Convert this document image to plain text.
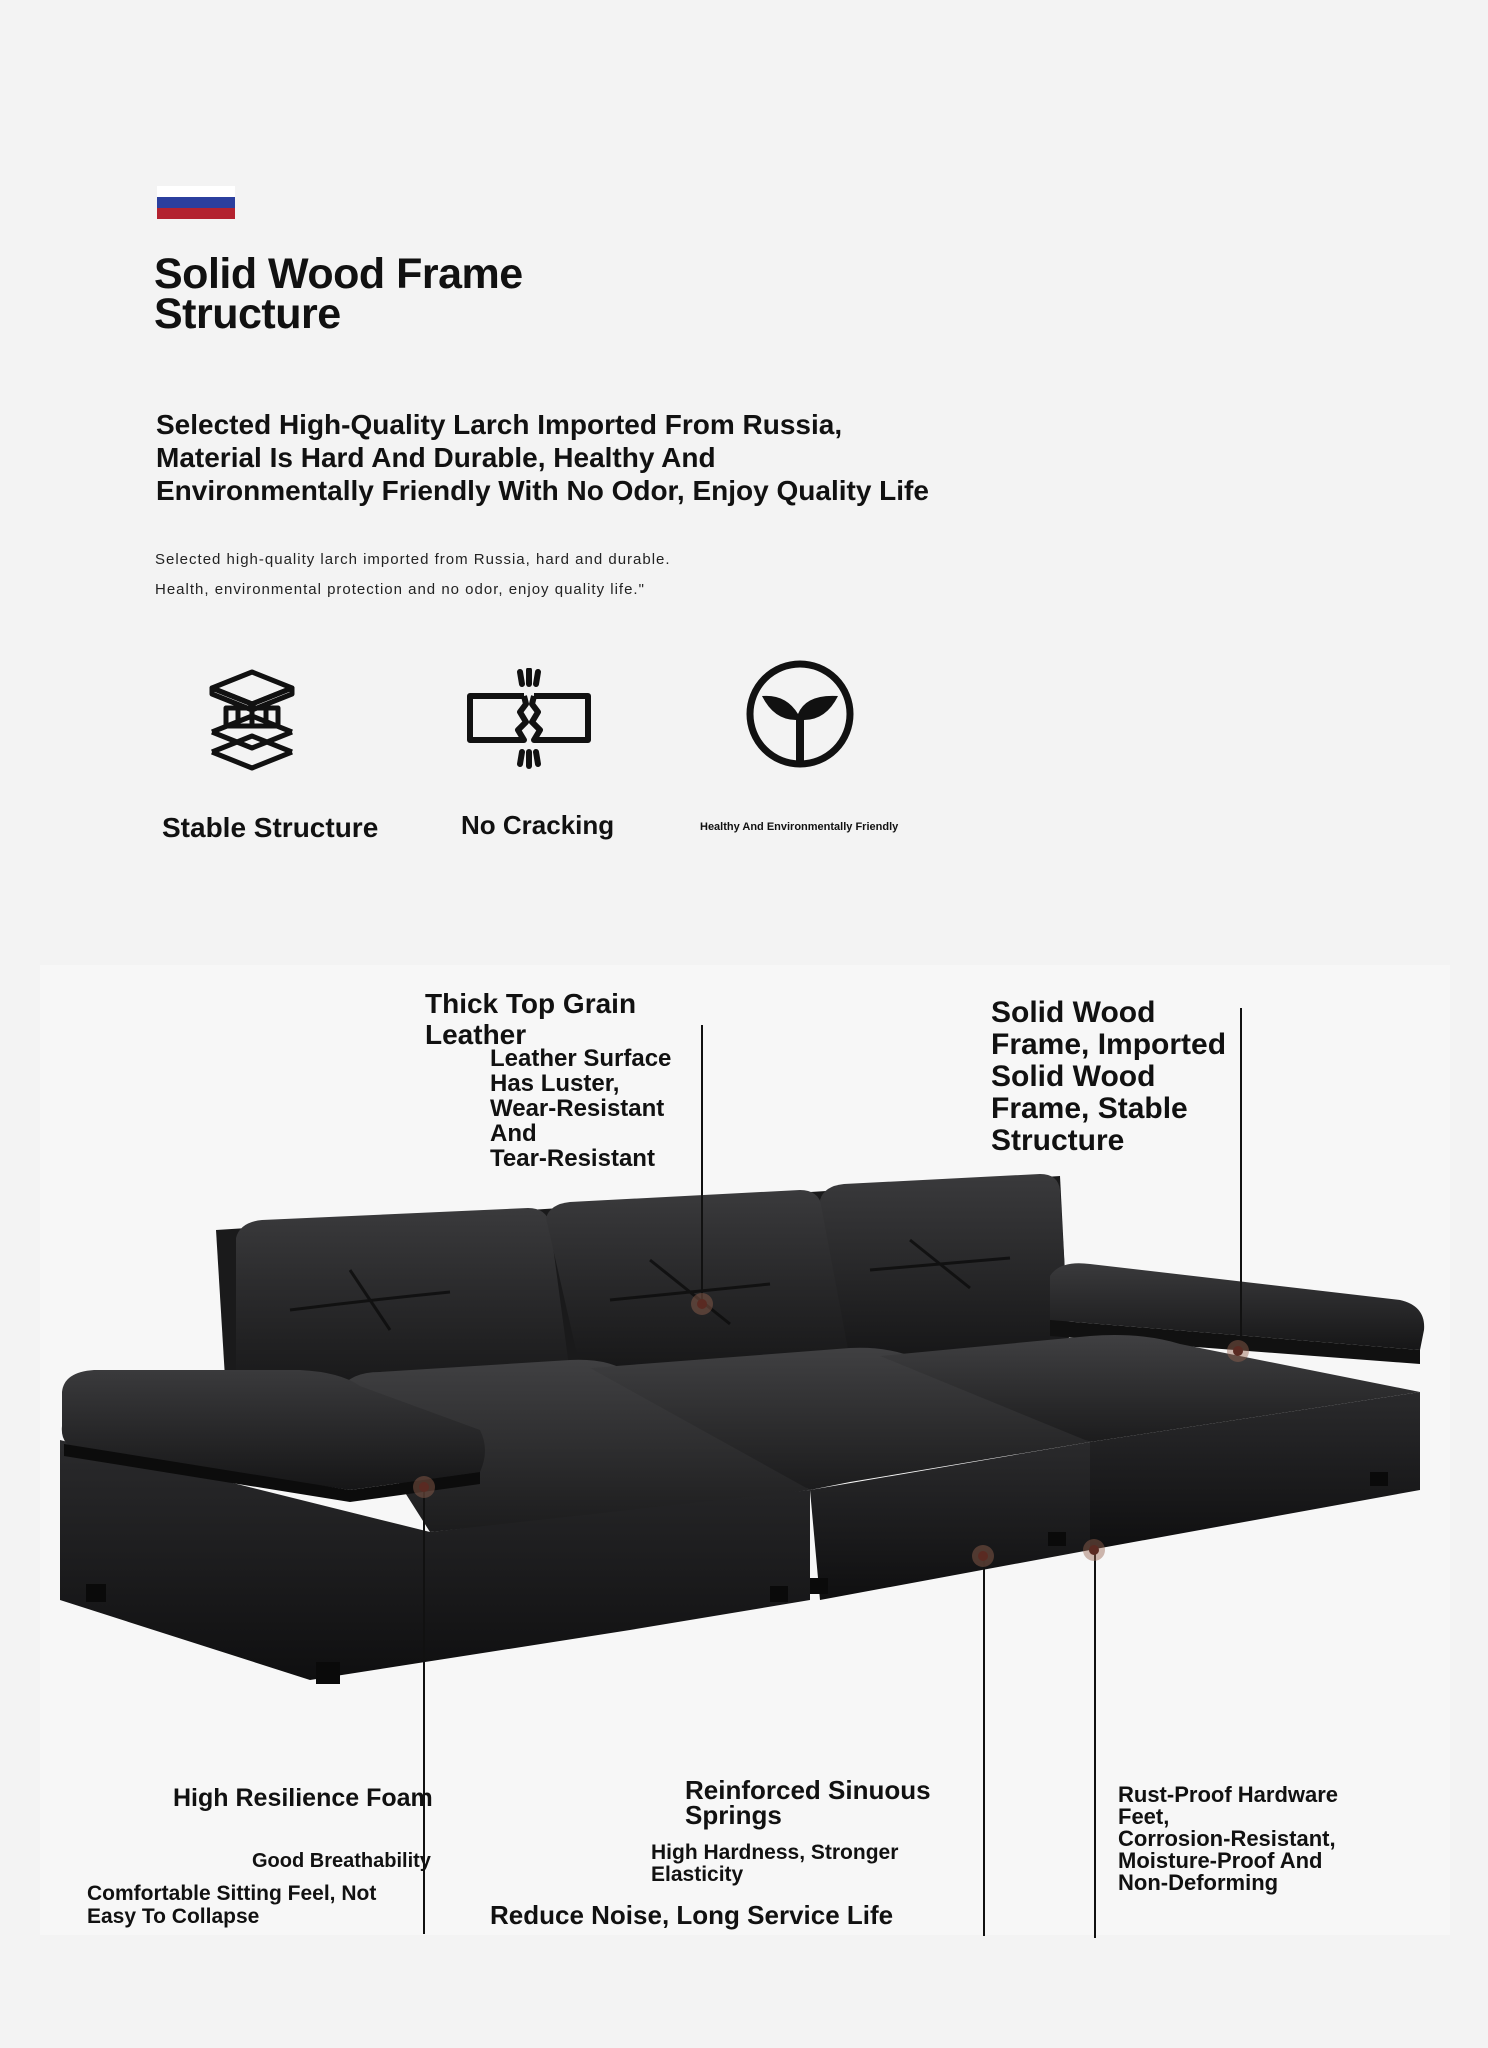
Solid Wood Frame
Structure
Selected High-Quality Larch Imported From Russia,
Material Is Hard And Durable, Healthy And
Environmentally Friendly With No Odor, Enjoy Quality Life
Selected high-quality larch imported from Russia, hard and durable.
Health, environmental protection and no odor, enjoy quality life."
Stable Structure	No Cracking	Healthy And Environmentally Friendly
Thick Top Grain
Leather
Leather Surface
Has Luster,
Wear-Resistant
And
Tear-Resistant
Solid Wood
Frame, Imported
Solid Wood
Frame, Stable
Structure
High Resilience Foam
Good Breathability
Comfortable Sitting Feel, Not
Easy To Collapse
Reinforced Sinuous
Springs
High Hardness, Stronger
Elasticity
Reduce Noise, Long Service Life
Rust-Proof Hardware
Feet,
Corrosion-Resistant,
Moisture-Proof And
Non-Deforming
